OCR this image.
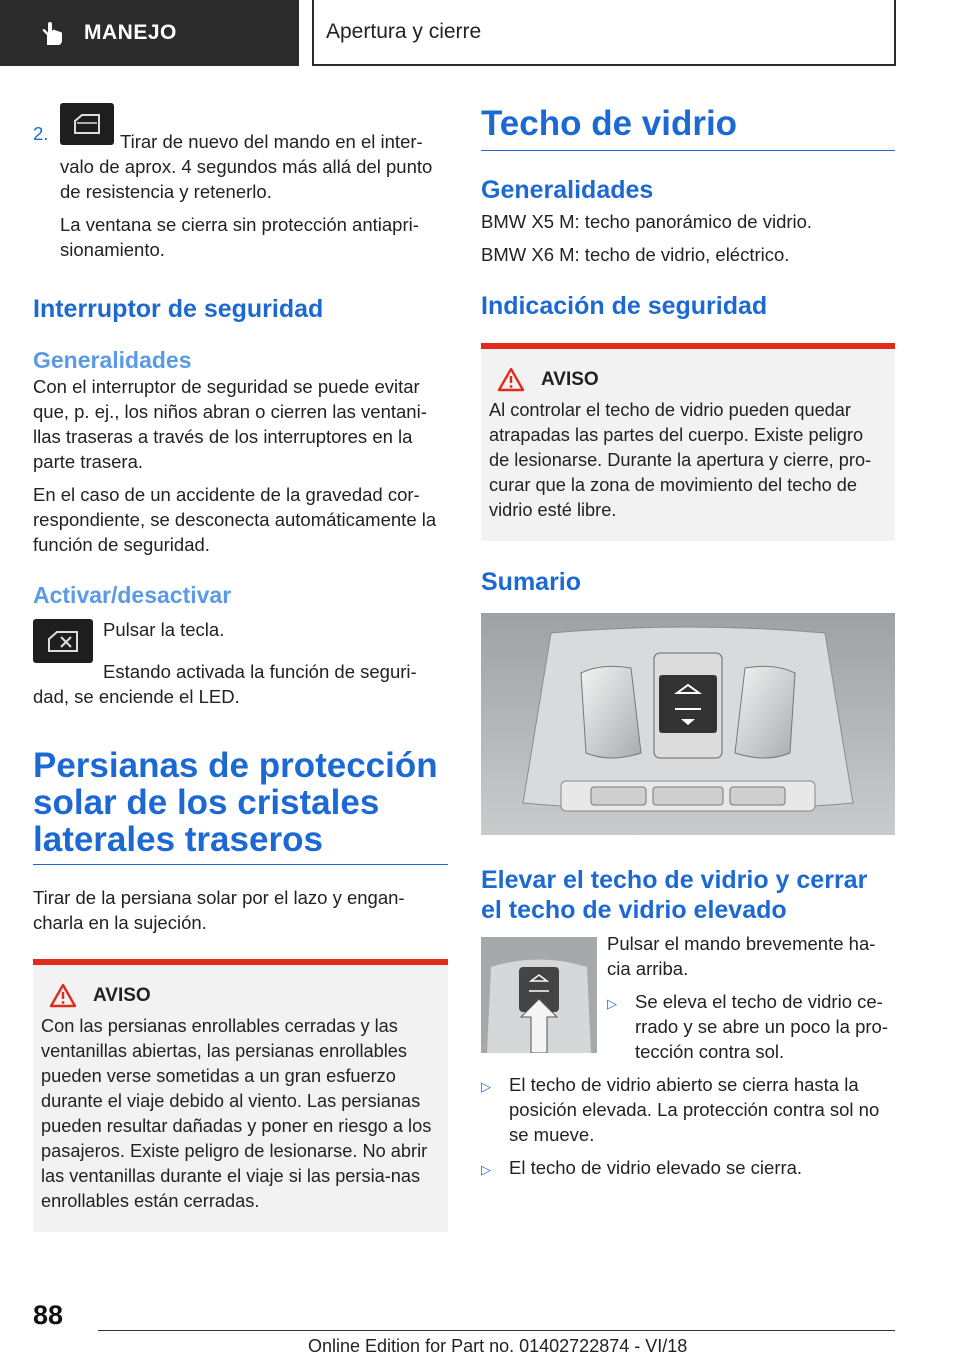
MANEJO	Apertura y cierre
2.	Tirar de nuevo del mando en el inter-valo de aprox. 4 segundos más allá del punto de resistencia y retenerlo.

La ventana se cierra sin protección antiapri-sionamiento.

Interruptor de seguridad
Generalidades

Con el interruptor de seguridad se puede evitar que, p. ej., los niños abran o cierren las ventani-llas traseras a través de los interruptores en la parte trasera.

En el caso de un accidente de la gravedad cor-respondiente, se desconecta automáticamente la función de seguridad.

Activar/desactivar

Pulsar la tecla.

Estando activada la función de seguri-dad, se enciende el LED.

Persianas de protección solar de los cristales laterales traseros

Tirar de la persiana solar por el lazo y engan-charla en la sujeción.

AVISO

Con las persianas enrollables cerradas y las ventanillas abiertas, las persianas enrollables pueden verse sometidas a un gran esfuerzo durante el viaje debido al viento. Las persianas pueden resultar dañadas y poner en riesgo a los pasajeros. Existe peligro de lesionarse. No abrir las ventanillas durante el viaje si las persia-nas enrollables están cerradas.

Techo de vidrio
Generalidades

BMW X5 M: techo panorámico de vidrio.

BMW X6 M: techo de vidrio, eléctrico.

Indicación de seguridad
AVISO

Al controlar el techo de vidrio pueden quedar atrapadas las partes del cuerpo. Existe peligro de lesionarse. Durante la apertura y cierre, pro-curar que la zona de movimiento del techo de vidrio esté libre.

Sumario
Elevar el techo de vidrio y cerrar el techo de vidrio elevado

Pulsar el mando brevemente ha-cia arriba.

▷ Se eleva el techo de vidrio ce-rrado y se abre un poco la pro-tección contra sol.

▷ El techo de vidrio abierto se cierra hasta la posición elevada. La protección contra sol no se mueve.

▷ El techo de vidrio elevado se cierra.

88
Online Edition for Part no. 01402722874 - VI/18
